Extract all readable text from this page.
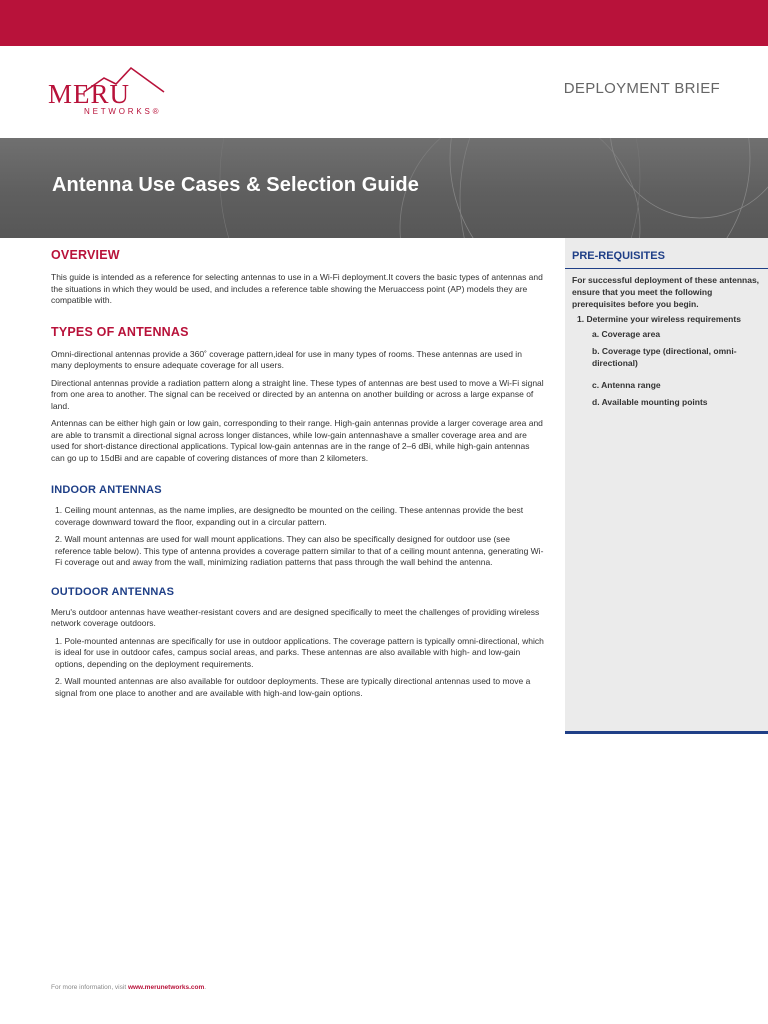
MERU
NETWORKS®
DEPLOYMENT BRIEF
Antenna Use Cases & Selection Guide
OVERVIEW
This guide is intended as a reference for selecting antennas to use in a Wi-Fi deployment.It covers the basic types of antennas and the situations in which they would be used, and includes a reference table showing the Meruaccess point (AP) models they are compatible with.
TYPES OF ANTENNAS
Omni-directional antennas provide a 360˚ coverage pattern,ideal for use in many types of rooms. These antennas are used in many deployments to ensure adequate coverage for all users.
Directional antennas provide a radiation pattern along a straight line. These types of antennas are best used to move a Wi-Fi signal from one area to another. The signal can be received or directed by an antenna on another building or across a large expanse of land.
Antennas can be either high gain or low gain, corresponding to their range. High-gain antennas provide a larger coverage area and are able to transmit a directional signal across longer distances, while low-gain antennashave a smaller coverage area and are used for short-distance directional applications. Typical low-gain antennas are in the range of 2–6 dBi, while high-gain antennas can go up to 15dBi and are capable of covering distances of more than 2 kilometers.
INDOOR ANTENNAS
1. Ceiling mount antennas, as the name implies, are designedto be mounted on the ceiling. These antennas provide the best coverage downward toward the floor, expanding out in a circular pattern.
2. Wall mount antennas are used for wall mount applications. They can also be specifically designed for outdoor use (see reference table below). This type of antenna provides a coverage pattern similar to that of a ceiling mount antenna, generating Wi-Fi coverage out and away from the wall, minimizing radiation patterns that pass through the wall behind the antenna.
OUTDOOR ANTENNAS
Meru's outdoor antennas have weather-resistant covers and are designed specifically to meet the challenges of providing wireless network coverage outdoors.
1. Pole-mounted antennas are specifically for use in outdoor applications. The coverage pattern is typically omni-directional, which is ideal for use in outdoor cafes, campus social areas, and parks. These antennas are also available with high- and low-gain options, depending on the deployment requirements.
2. Wall mounted antennas are also available for outdoor deployments. These are typically directional antennas used to move a signal from one place to another and are available with high-and low-gain options.
PRE-REQUISITES
For successful deployment of these antennas, ensure that you meet the following prerequisites before you begin.
1. Determine your wireless requirements
a. Coverage area
b. Coverage type (directional, omni-directional)
c. Antenna range
d. Available mounting points
For more information, visit www.merunetworks.com.
